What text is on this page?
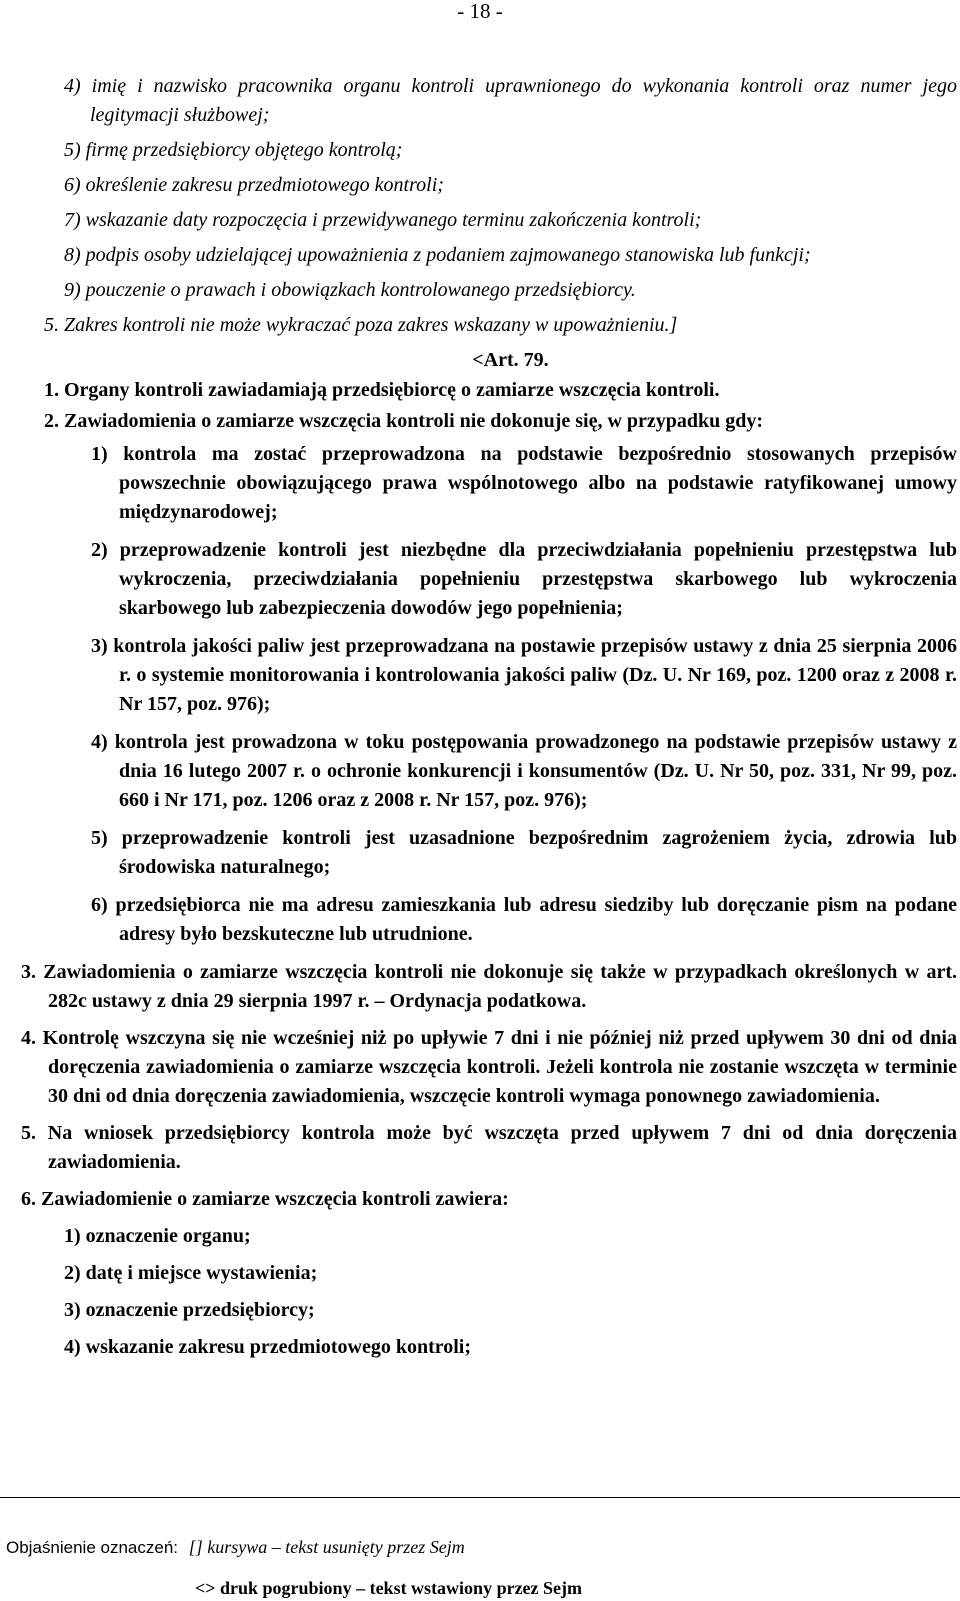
- 18 -
4) imię i nazwisko pracownika organu kontroli uprawnionego do wykonania kontroli oraz numer jego legitymacji służbowej;
5) firmę przedsiębiorcy objętego kontrolą;
6) określenie zakresu przedmiotowego kontroli;
7) wskazanie daty rozpoczęcia i przewidywanego terminu zakończenia kontroli;
8) podpis osoby udzielającej upoważnienia z podaniem zajmowanego stanowiska lub funkcji;
9) pouczenie o prawach i obowiązkach kontrolowanego przedsiębiorcy.
5. Zakres kontroli nie może wykraczać poza zakres wskazany w upoważnieniu.]
<Art. 79.
1. Organy kontroli zawiadamiają przedsiębiorcę o zamiarze wszczęcia kontroli.
2. Zawiadomienia o zamiarze wszczęcia kontroli nie dokonuje się, w przypadku gdy:
1) kontrola ma zostać przeprowadzona na podstawie bezpośrednio stosowanych przepisów powszechnie obowiązującego prawa wspólnotowego albo na podstawie ratyfikowanej umowy międzynarodowej;
2) przeprowadzenie kontroli jest niezbędne dla przeciwdziałania popełnieniu przestępstwa lub wykroczenia, przeciwdziałania popełnieniu przestępstwa skarbowego lub wykroczenia skarbowego lub zabezpieczenia dowodów jego popełnienia;
3) kontrola jakości paliw jest przeprowadzana na postawie przepisów ustawy z dnia 25 sierpnia 2006 r. o systemie monitorowania i kontrolowania jakości paliw (Dz. U. Nr 169, poz. 1200 oraz z 2008 r. Nr 157, poz. 976);
4) kontrola jest prowadzona w toku postępowania prowadzonego na podstawie przepisów ustawy z dnia 16 lutego 2007 r. o ochronie konkurencji i konsumentów (Dz. U. Nr 50, poz. 331, Nr 99, poz. 660 i Nr 171, poz. 1206 oraz z 2008 r. Nr 157, poz. 976);
5) przeprowadzenie kontroli jest uzasadnione bezpośrednim zagrożeniem życia, zdrowia lub środowiska naturalnego;
6) przedsiębiorca nie ma adresu zamieszkania lub adresu siedziby lub doręczanie pism na podane adresy było bezskuteczne lub utrudnione.
3. Zawiadomienia o zamiarze wszczęcia kontroli nie dokonuje się także w przypadkach określonych w art. 282c ustawy z dnia 29 sierpnia 1997 r. – Ordynacja podatkowa.
4. Kontrolę wszczyna się nie wcześniej niż po upływie 7 dni i nie później niż przed upływem 30 dni od dnia doręczenia zawiadomienia o zamiarze wszczęcia kontroli. Jeżeli kontrola nie zostanie wszczęta w terminie 30 dni od dnia doręczenia zawiadomienia, wszczęcie kontroli wymaga ponownego zawiadomienia.
5. Na wniosek przedsiębiorcy kontrola może być wszczęta przed upływem 7 dni od dnia doręczenia zawiadomienia.
6. Zawiadomienie o zamiarze wszczęcia kontroli zawiera:
1) oznaczenie organu;
2) datę i miejsce wystawienia;
3) oznaczenie przedsiębiorcy;
4) wskazanie zakresu przedmiotowego kontroli;
Objaśnienie oznaczeń: [] kursywa – tekst usunięty przez Sejm
<> druk pogrubiony – tekst wstawiony przez Sejm
